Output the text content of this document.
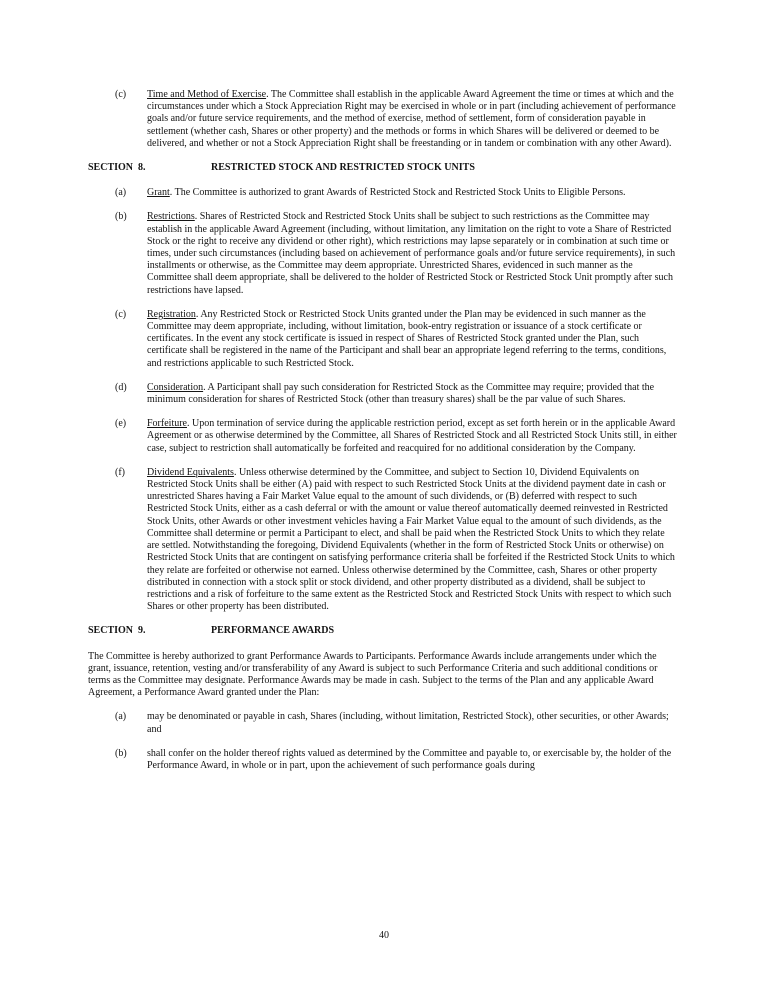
(c)	Time and Method of Exercise. The Committee shall establish in the applicable Award Agreement the time or times at which and the circumstances under which a Stock Appreciation Right may be exercised in whole or in part (including achievement of performance goals and/or future service requirements, and the method of exercise, method of settlement, form of consideration payable in settlement (whether cash, Shares or other property) and the methods or forms in which Shares will be delivered or deemed to be delivered, and whether or not a Stock Appreciation Right shall be freestanding or in tandem or combination with any other Award).
SECTION  8.	RESTRICTED STOCK AND RESTRICTED STOCK UNITS
(a)	Grant. The Committee is authorized to grant Awards of Restricted Stock and Restricted Stock Units to Eligible Persons.
(b)	Restrictions. Shares of Restricted Stock and Restricted Stock Units shall be subject to such restrictions as the Committee may establish in the applicable Award Agreement (including, without limitation, any limitation on the right to vote a Share of Restricted Stock or the right to receive any dividend or other right), which restrictions may lapse separately or in combination at such time or times, under such circumstances (including based on achievement of performance goals and/or future service requirements), in such installments or otherwise, as the Committee may deem appropriate. Unrestricted Shares, evidenced in such manner as the Committee shall deem appropriate, shall be delivered to the holder of Restricted Stock or Restricted Stock Unit promptly after such restrictions have lapsed.
(c)	Registration. Any Restricted Stock or Restricted Stock Units granted under the Plan may be evidenced in such manner as the Committee may deem appropriate, including, without limitation, book-entry registration or issuance of a stock certificate or certificates. In the event any stock certificate is issued in respect of Shares of Restricted Stock granted under the Plan, such certificate shall be registered in the name of the Participant and shall bear an appropriate legend referring to the terms, conditions, and restrictions applicable to such Restricted Stock.
(d)	Consideration. A Participant shall pay such consideration for Restricted Stock as the Committee may require; provided that the minimum consideration for shares of Restricted Stock (other than treasury shares) shall be the par value of such Shares.
(e)	Forfeiture. Upon termination of service during the applicable restriction period, except as set forth herein or in the applicable Award Agreement or as otherwise determined by the Committee, all Shares of Restricted Stock and all Restricted Stock Units still, in either case, subject to restriction shall automatically be forfeited and reacquired for no additional consideration by the Company.
(f)	Dividend Equivalents. Unless otherwise determined by the Committee, and subject to Section 10, Dividend Equivalents on Restricted Stock Units shall be either (A) paid with respect to such Restricted Stock Units at the dividend payment date in cash or unrestricted Shares having a Fair Market Value equal to the amount of such dividends, or (B) deferred with respect to such Restricted Stock Units, either as a cash deferral or with the amount or value thereof automatically deemed reinvested in Restricted Stock Units, other Awards or other investment vehicles having a Fair Market Value equal to the amount of such dividends, as the Committee shall determine or permit a Participant to elect, and shall be paid when the Restricted Stock Units to which they relate are settled. Notwithstanding the foregoing, Dividend Equivalents (whether in the form of Restricted Stock Units or otherwise) on Restricted Stock Units that are contingent on satisfying performance criteria shall be forfeited if the Restricted Stock Units to which they relate are forfeited or otherwise not earned. Unless otherwise determined by the Committee, cash, Shares or other property distributed in connection with a stock split or stock dividend, and other property distributed as a dividend, shall be subject to restrictions and a risk of forfeiture to the same extent as the Restricted Stock and Restricted Stock Units with respect to which such Shares or other property has been distributed.
SECTION  9.	PERFORMANCE AWARDS
The Committee is hereby authorized to grant Performance Awards to Participants. Performance Awards include arrangements under which the grant, issuance, retention, vesting and/or transferability of any Award is subject to such Performance Criteria and such additional conditions or terms as the Committee may designate. Performance Awards may be made in cash. Subject to the terms of the Plan and any applicable Award Agreement, a Performance Award granted under the Plan:
(a)	may be denominated or payable in cash, Shares (including, without limitation, Restricted Stock), other securities, or other Awards; and
(b)	shall confer on the holder thereof rights valued as determined by the Committee and payable to, or exercisable by, the holder of the Performance Award, in whole or in part, upon the achievement of such performance goals during
40
